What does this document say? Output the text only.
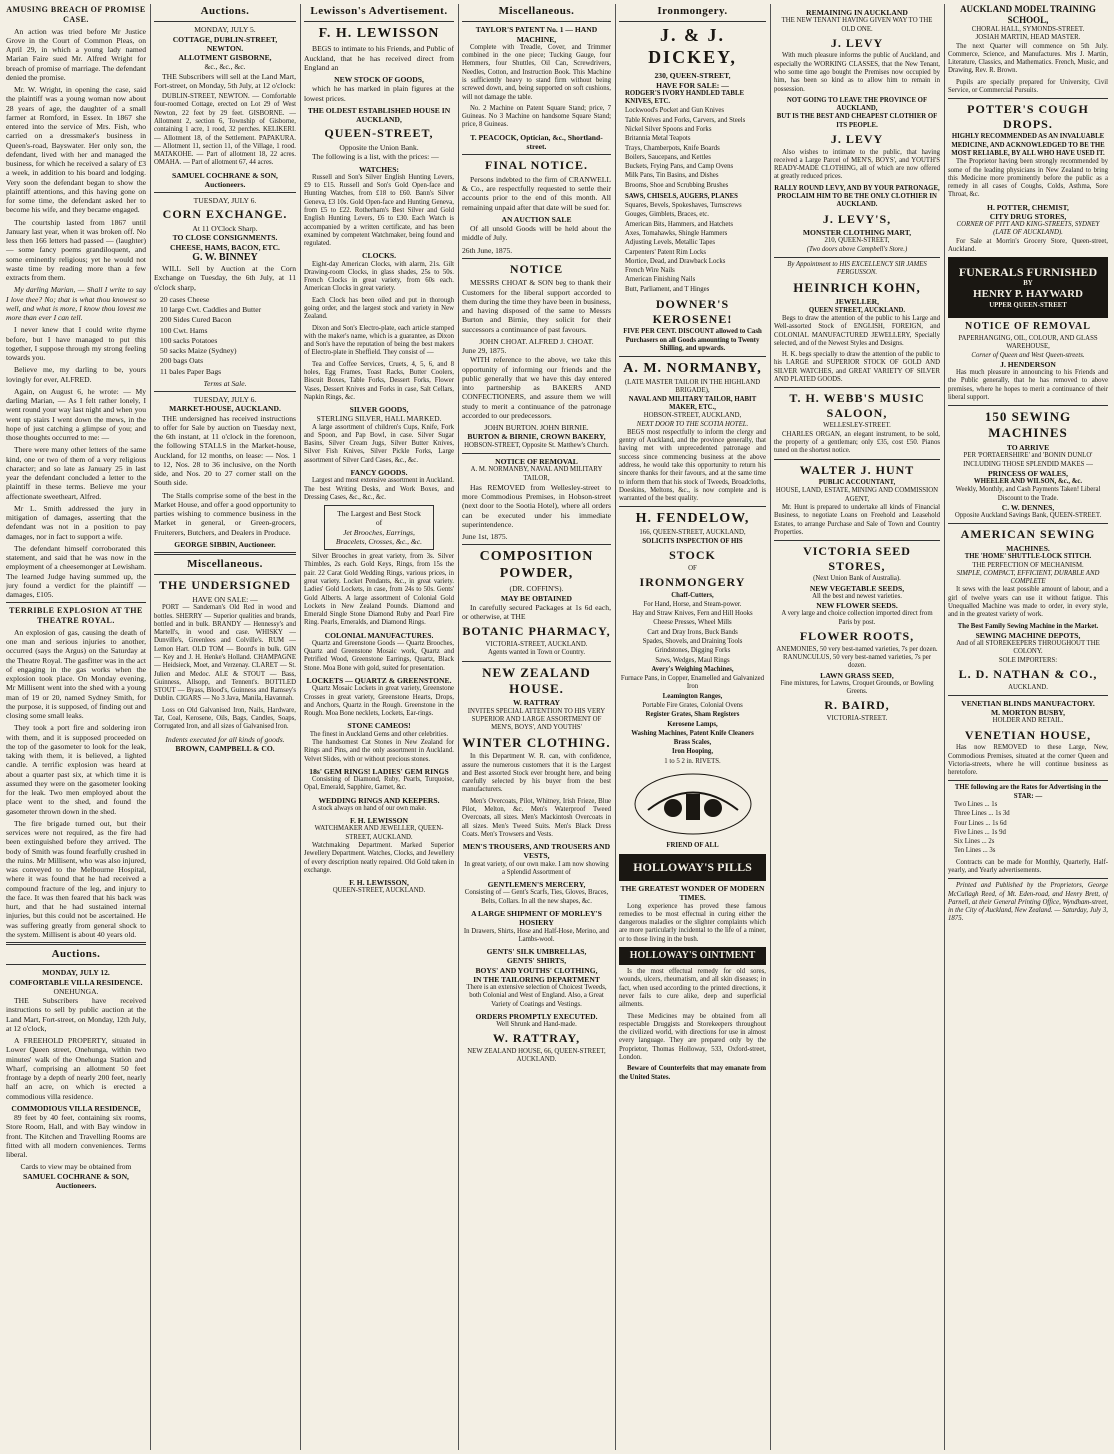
AMUSING BREACH OF PROMISE CASE.

An action was tried before Mr Justice Grove in the Court of Common Pleas, on April 29, in which a young lady named Marian Faire sued Mr. Alfred Wright for breach of promise of marriage. The defendant denied the promise.

Mr. W. Wright, in opening the case, said the plaintiff was a young woman now about 28 years of age, the daughter of a small farmer at Romford, in Essex. In 1867 she entered into the service of Mrs. Fish, who carried on a dressmaker's business in Queen's-road, Bayswater. Her only son, the defendant, lived with her and managed the business, for which he received a salary of £3 a week, in addition to his board and lodging. Very soon the defendant began to show the plaintiff attentions, and this having gone on for some time, the defendant asked her to become his wife, and they became engaged.

The courtship lasted from 1867 until January last year, when it was broken off. No less then 166 letters had passed — (laughter) — some fancy poems grandiloquent, and some eminently religious; yet he would not waste time by reading more than a few extracts from them.

My darling Marian, — Shall I write to say I love thee? No; that is what thou knowest so well, and what is more, I know thou lovest me more than ever I can tell.

I never knew that I could write rhyme before, but I have managed to put this together, I suppose through my strong feeling towards you.

Believe me, my darling to be, yours lovingly for ever, ALFRED.

Again, on August 6, he wrote: — My darling Marian, — As I felt rather lonely, I went round your way last night and when you went up stairs I went down the mews, in the hope of just catching a glimpse of you; and those thoughts occurred to me: —

There were many other letters of the same kind, one or two of them of a very religious character; and so late as January 25 in last year the defendant concluded a letter to the plaintiff in these terms. Believe me your affectionate sweetheart, Alfred.

Mr L. Smith addressed the jury in mitigation of damages, asserting that the defendant was not in a position to pay damages, nor in fact to support a wife.

The defendant himself corroborated this statement, and said that he was now in the employment of a cheesemonger at Lewisham. The learned Judge having summed up, the jury found a verdict for the plaintiff — damages, £105.

TERRIBLE EXPLOSION AT THE THEATRE ROYAL.

An explosion of gas, causing the death of one man and serious injuries to another, occurred (says the Argus) on the Saturday at the Theatre Royal. The gasfitter was in the act of engaging in the gas works when the explosion took place. On Monday evening, Mr Millisent went into the shed with a young man of 19 or 20, named Sydney Smith, for the purpose, it is supposed, of finding out and closing some small leaks.

They took a port fire and soldering iron with them, and it is supposed proceeded on the top of the gasometer to look for the leak, taking with them, it is believed, a lighted candle. A terrific explosion was heard at about a quarter past six, at which time it is assumed they were on the gasometer looking for the leak. Two men employed about the place went to the shed, and found the gasometer thrown down in the shed.

The fire brigade turned out, but their services were not required, as the fire had been extinguished before they arrived. The body of Smith was found fearfully crushed in the ruins. Mr Millisent, who was also injured, was conveyed to the Melbourne Hospital, where it was found that he had received a compound fracture of the leg, and injury to the face. It was then feared that his back was hurt, and that he had sustained internal injuries, but this could not be ascertained. He was suffering greatly from general shock to the system. Millisent is about 40 years old.

Auctions.
MONDAY, JULY 12.
COMFORTABLE VILLA RESIDENCE.
ONEHUNGA.

THE Subscribers have received instructions to sell by public auction at the Land Mart, Fort-street, on Monday, 12th July, at 12 o'clock,

A FREEHOLD PROPERTY, situated in Lower Queen street, Onehunga, within two minutes' walk of the Onehunga Station and Wharf, comprising an allotment 50 feet frontage by a depth of nearly 200 feet, nearly half an acre, on which is erected a commodious villa residence.

COMMODIOUS VILLA RESIDENCE,

89 feet by 40 feet, containing six rooms, Store Room, Hall, and with Bay window in front. The Kitchen and Travelling Rooms are fitted with all modern conveniences. Terms liberal.

Cards to view may be obtained from
SAMUEL COCHRANE & SON, Auctioneers.
Auctions.
MONDAY, JULY 5.
COTTAGE, DUBLIN-STREET, NEWTON.
ALLOTMENT GISBORNE,
&c., &c., &c.

THE Subscribers will sell at the Land Mart, Fort-street, on Monday, 5th July, at 12 o'clock:

DUBLIN-STREET, NEWTON. — Comfortable four-roomed Cottage, erected on Lot 29 of West Newton, 22 feet by 29 feet. GISBORNE. — Allotment 2, section 6, Township of Gisborne, containing 1 acre, 1 rood, 32 perches. KELIKERI. — Allotment 18, of the Settlement. PAPAKURA. — Allotment 11, section 11, of the Village, 1 rood. MATAKOHE. — Part of allotment 18, 22 acres. OMAHA. — Part of allotment 67, 44 acres.

SAMUEL COCHRANE & SON, Auctioneers.
TUESDAY, JULY 6.
CORN EXCHANGE.
At 11 O'Clock Sharp.
TO CLOSE CONSIGNMENTS.
CHEESE, HAMS, BACON, ETC.
G. W. BINNEY

WILL Sell by Auction at the Corn Exchange on Tuesday, the 6th July, at 11 o'clock sharp,

20 cases Cheese
10 large Cwt. Caddies and Butter
200 Sides Cured Bacon
100 Cwt. Hams
100 sacks Potatoes
50 sacks Maize (Sydney)
200 bags Oats
11 bales Paper Bags
Terms at Sale.
TUESDAY, JULY 6.
MARKET-HOUSE, AUCKLAND.

THE undersigned has received instructions to offer for Sale by auction on Tuesday next, the 6th instant, at 11 o'clock in the forenoon, the following STALLS in the Market-house, Auckland, for 12 months, on lease: — Nos. 1 to 12, Nos. 28 to 36 inclusive, on the North side, and Nos. 20 to 27 corner stall on the South side.

The Stalls comprise some of the best in the Market House, and offer a good opportunity to parties wishing to commence business in the Market in general, or Green-grocers, Fruiterers, Butchers, and Dealers in Produce.

GEORGE SIBBIN, Auctioneer.
Miscellaneous.
THE UNDERSIGNED
HAVE ON SALE: —

PORT — Sandeman's Old Red in wood and bottles. SHERRY — Superior qualities and brands, bottled and in bulk. BRANDY — Hennessy's and Martell's, in wood and case. WHISKY — Dunville's, Greenlees and Colville's. RUM — Lemon Hart. OLD TOM — Boord's in bulk. GIN — Key and J. H. Henke's Holland. CHAMPAGNE — Heidsieck, Moet, and Verzenay. CLARET — St. Julien and Medoc. ALE & STOUT — Bass, Guinness, Allsopp, and Tennent's. BOTTLED STOUT — Byass, Blood's, Guinness and Ramsey's Dublin. CIGARS — No 3 Java, Manila, Havannah.

Loss on Old Galvanised Iron, Nails, Hardware, Tar, Coal, Kerosene, Oils, Bags, Candles, Soaps, Corrugated Iron, and all sizes of Galvanised Iron.

Indents executed for all kinds of goods.
BROWN, CAMPBELL & CO.
Lewisson's Advertisement.
F. H. LEWISSON

BEGS to intimate to his Friends, and Public of Auckland, that he has received direct from England an

NEW STOCK OF GOODS,

which he has marked in plain figures at the lowest prices.

THE OLDEST ESTABLISHED HOUSE IN AUCKLAND,
QUEEN-STREET,
Opposite the Union Bank.

The following is a list, with the prices: —

WATCHES:

Russell and Son's Silver English Hunting Levers, £9 to £15. Russell and Son's Gold Open-face and Hunting Watches, from £18 to £60. Bann's Silver Geneva, £3 10s. Gold Open-face and Hunting Geneva, from £5 to £22. Rotherham's Best Silver and Gold English Hunting Levers, £6 to £30. Each Watch is accompanied by a written certificate, and has been examined by competent Watchmaker, being found and regulated.

CLOCKS.

Eight-day American Clocks, with alarm, 21s. Gilt Drawing-room Clocks, in glass shades, 25s to 50s. French Clocks in great variety, from 60s each. American Clocks in great variety.

Each Clock has been oiled and put in thorough going order, and the largest stock and variety in New Zealand.

Dixon and Son's Electro-plate, each article stamped with the maker's name, which is a guarantee, as Dixon and Son's have the reputation of being the best makers of Electro-plate in Sheffield. They consist of —

Tea and Coffee Services, Cruets, 4, 5, 6, and 8 holes, Egg Frames, Toast Racks, Butter Coolers, Biscuit Boxes, Table Forks, Dessert Forks, Flower Vases, Dessert Knives and Forks in case, Salt Cellars, Napkin Rings, &c.

SILVER GOODS,
STERLING SILVER, HALL MARKED.

A large assortment of children's Cups, Knife, Fork and Spoon, and Pap Bowl, in case. Silver Sugar Basins, Silver Cream Jugs, Silver Butter Knives, Silver Fish Knives, Silver Pickle Forks, Large assortment of Silver Card Cases, &c., &c.

FANCY GOODS.

Largest and most extensive assortment in Auckland. The best Writing Desks, and Work Boxes, and Dressing Cases, &c., &c., &c.

The Largest and Best Stock
of
Jet Brooches, Earrings, Bracelets, Crosses, &c., &c.

Silver Brooches in great variety, from 3s. Silver Thimbles, 2s each. Gold Keys, Rings, from 15s the pair. 22 Carat Gold Wedding Rings, various prices, in great variety. Locket Pendants, &c., in great variety. Ladies' Gold Lockets, in case, from 24s to 50s. Gents' Gold Alberts. A large assortment of Colonial Gold Lockets in New Zealand Pounds. Diamond and Emerald Single Stone Diamond Ruby and Pearl Fire Ring. Pearls, Emeralds, and Diamond Rings.

COLONIAL MANUFACTURES.

Quartz and Greenstone Goods — Quartz Brooches, Quartz and Greenstone Mosaic work, Quartz and Petrified Wood, Greenstone Earrings, Quartz, Black Stone. Moa Bone with gold, suited for presentation.

LOCKETS — QUARTZ & GREENSTONE.

Quartz Mosaic Lockets in great variety, Greenstone Crosses in great variety, Greenstone Hearts, Drops, and Anchors, Quartz in the Rough. Greenstone in the Rough. Moa Bone necklets, Lockets, Ear-rings.

STONE CAMEOS!
The finest in Auckland Gems and other celebrities.

The handsomest Cat Stones in New Zealand for Rings and Pins, and the only assortment in Auckland. Velvet Slides, with or without precious stones.

18s' GEM RINGS! LADIES' GEM RINGS

Consisting of Diamond, Ruby, Pearls, Turquoise, Opal, Emerald, Sapphire, Garnet, &c.

WEDDING RINGS AND KEEPERS.

A stock always on hand of our own make.

F. H. LEWISSON
WATCHMAKER AND JEWELLER, QUEEN-STREET, AUCKLAND.

Watchmaking Department. Marked Superior Jewellery Department. Watches, Clocks, and Jewellery of every description neatly repaired. Old Gold taken in exchange.

F. H. LEWISSON,
QUEEN-STREET, AUCKLAND.
Miscellaneous.
TAYLOR'S PATENT No. 1 — HAND MACHINE,

Complete with Treadle, Cover, and Trimmer combined in the one piece; Tucking Gauge, four Hemmers, four Shuttles, Oil Can, Screwdrivers, Needles, Cotton, and Instruction Book. This Machine is sufficiently heavy to stand firm without being screwed down, and, being supported on soft cushions, will not damage the table.

No. 2 Machine on Patent Square Stand; price, 7 Guineas. No 3 Machine on handsome Square Stand; price, 8 Guineas.

T. PEACOCK, Optician, &c., Shortland-street.
FINAL NOTICE.

Persons indebted to the firm of CRANWELL & Co., are respectfully requested to settle their accounts prior to the end of this month. All remaining unpaid after that date will be sued for.

AN AUCTION SALE

Of all unsold Goods will be held about the middle of July.

26th June, 1875.
NOTICE

MESSRS CHOAT & SON beg to thank their Customers for the liberal support accorded to them during the time they have been in business, and having disposed of the same to Messrs Burton and Birnie, they solicit for their successors a continuance of past favours.

JOHN CHOAT. ALFRED J. CHOAT.
June 29, 1875.

WITH reference to the above, we take this opportunity of informing our friends and the public generally that we have this day entered into partnership as BAKERS AND CONFECTIONERS, and assure them we will study to merit a continuance of the patronage accorded to our predecessors.

JOHN BURTON. JOHN BIRNIE.
BURTON & BIRNIE, CROWN BAKERY,
HOBSON-STREET, Opposite St. Matthew's Church.
NOTICE OF REMOVAL
A. M. NORMANBY, NAVAL AND MILITARY TAILOR,

Has REMOVED from Wellesley-street to more Commodious Premises, in Hobson-street (next door to the Sootia Hotel), where all orders can be executed under his immediate superintendence.

June 1st, 1875.
COMPOSITION POWDER,
(DR. COFFIN'S).
MAY BE OBTAINED

In carefully secured Packages at 1s 6d each, or otherwise, at THE

BOTANIC PHARMACY,
VICTORIA-STREET, AUCKLAND.
Agents wanted in Town or Country.
NEW ZEALAND HOUSE.
W. RATTRAY

INVITES SPECIAL ATTENTION TO HIS VERY SUPERIOR AND LARGE ASSORTMENT OF MEN'S, BOYS', AND YOUTHS'

WINTER CLOTHING.

In this Department W. R. can, with confidence, assure the numerous customers that it is the Largest and Best assorted Stock ever brought here, and being carefully selected by his buyer from the best manufacturers.

Men's Overcoats, Pilot, Whitney, Irish Frieze, Blue Pilot, Melton, &c. Men's Waterproof Tweed Overcoats, all sizes. Men's Mackintosh Overcoats in all sizes. Men's Tweed Suits. Men's Black Dress Coats. Men's Trowsers and Vests.

MEN'S TROUSERS, AND TROUSERS AND VESTS,

In great variety, of our own make. I am now showing a Splendid Assortment of

GENTLEMEN'S MERCERY,

Consisting of — Gent's Scarfs, Ties, Gloves, Braces, Belts, Collars. In all the new shapes, &c.

A LARGE SHIPMENT OF MORLEY'S HOSIERY

In Drawers, Shirts, Hose and Half-Hose, Merino, and Lambs-wool.

GENTS' SILK UMBRELLAS,
GENTS' SHIRTS,
BOYS' AND YOUTHS' CLOTHING,
IN THE TAILORING DEPARTMENT

There is an extensive selection of Choicest Tweeds, both Colonial and West of England. Also, a Great Variety of Coatings and Vestings.

ORDERS PROMPTLY EXECUTED.
Well Shrunk and Hand-made.
W. RATTRAY,
NEW ZEALAND HOUSE, 66, QUEEN-STREET, AUCKLAND.
Ironmongery.
J. & J. DICKEY,
230, QUEEN-STREET,
HAVE FOR SALE: —
RODGER'S IVORY HANDLED TABLE KNIVES, ETC.
Lockwood's Pocket and Gun Knives
Table Knives and Forks, Carvers, and Steels
Nickel Silver Spoons and Forks
Britannia Metal Teapots
Trays, Chamberpots, Knife Boards
Boilers, Saucepans, and Kettles
Buckets, Frying Pans, and Camp Ovens
Milk Pans, Tin Basins, and Dishes
Brooms, Shoe and Scrubbing Brushes
SAWS, CHISELS, AUGERS, PLANES
Squares, Bevels, Spokeshaves, Turnscrews
Gouges, Gimblets, Braces, etc.
American Bits, Hammers, and Hatchets
Axes, Tomahawks, Shingle Hammers
Adjusting Levels, Metallic Tapes
Carpenters' Patent Rim Locks
Mortice, Dead, and Drawback Locks
French Wire Nails
American Finishing Nails
Butt, Parliament, and T Hinges
DOWNER'S KEROSENE!
FIVE PER CENT. DISCOUNT allowed to Cash Purchasers on all Goods amounting to Twenty Shilling, and upwards.
A. M. NORMANBY,
(LATE MASTER TAILOR IN THE HIGHLAND BRIGADE),
NAVAL AND MILITARY TAILOR, HABIT MAKER, ETC.,
HOBSON-STREET, AUCKLAND,
NEXT DOOR TO THE SCOTIA HOTEL.

BEGS most respectfully to inform the clergy and gentry of Auckland, and the province generally, that having met with unprecedented patronage and success since commencing business at the above address, he would take this opportunity to return his sincere thanks for their favours, and at the same time to inform them that his stock of Tweeds, Broadcloths, Doeskins, Meltons, &c., is now complete and is warranted of the best quality.

H. FENDELOW,
166, QUEEN-STREET, AUCKLAND,
SOLICITS INSPECTION OF HIS
STOCK
OF
IRONMONGERY
Chaff-Cutters,
For Hand, Horse, and Steam-power.
Hay and Straw Knives, Fern and Hill Hooks
Cheese Presses, Wheel Mills
Cart and Dray Irons, Buck Bands
Spades, Shovels, and Draining Tools
Grindstones, Digging Forks
Saws, Wedges, Maul Rings
Avery's Weighing Machines,
Furnace Pans, in Copper, Enamelled and Galvanized Iron
Leamington Ranges,
Portable Fire Grates, Colonial Ovens
Register Grates, Sham Registers
Kerosene Lamps,
Washing Machines, Patent Knife Cleaners
Brass Scales,
Iron Hooping,
1 to 5 2 in. RIVETS.
FRIEND OF ALL
HOLLOWAY'S PILLS
THE GREATEST WONDER OF MODERN TIMES.

Long experience has proved these famous remedies to be most effectual in curing either the dangerous maladies or the slighter complaints which are more particularly incidental to the life of a miner, or to those living in the bush.

HOLLOWAY'S OINTMENT

Is the most effectual remedy for old sores, wounds, ulcers, rheumatism, and all skin diseases; in fact, when used according to the printed directions, it never fails to cure alike, deep and superficial ailments.

These Medicines may be obtained from all respectable Druggists and Storekeepers throughout the civilized world, with directions for use in almost every language. They are prepared only by the Proprietor, Thomas Holloway, 533, Oxford-street, London.

Beware of Counterfeits that may emanate from the United States.

REMAINING IN AUCKLAND
THE NEW TENANT HAVING GIVEN WAY TO THE OLD ONE.
J. LEVY

With much pleasure informs the public of Auckland, and especially the WORKING CLASSES, that the New Tenant, who some time ago bought the Premises now occupied by him, has been so kind as to allow him to remain in possession.

NOT GOING TO LEAVE THE PROVINCE OF AUCKLAND,
BUT IS THE BEST AND CHEAPEST CLOTHIER OF ITS PEOPLE.
J. LEVY

Also wishes to intimate to the public, that having received a Large Parcel of MEN'S, BOYS', and YOUTH'S READY-MADE CLOTHING, all of which are now offered at greatly reduced prices.

RALLY ROUND LEVY, AND BY YOUR PATRONAGE, PROCLAIM HIM TO BE THE ONLY CLOTHIER IN AUCKLAND.
J. LEVY'S,
MONSTER CLOTHING MART,
210, QUEEN-STREET,
(Two doors above Campbell's Store.)
By Appointment to HIS EXCELLENCY SIR JAMES FERGUSSON.
HEINRICH KOHN,
JEWELLER,
QUEEN STREET, AUCKLAND.

Begs to draw the attention of the public to his Large and Well-assorted Stock of ENGLISH, FOREIGN, and COLONIAL MANUFACTURED JEWELLERY, Specially selected, and of the Newest Styles and Designs.

H. K. begs specially to draw the attention of the public to his LARGE and SUPERIOR STOCK OF GOLD AND SILVER WATCHES, and GREAT VARIETY OF SILVER AND PLATED GOODS.

T. H. WEBB'S MUSIC SALOON,
WELLESLEY-STREET.

CHARLES ORGAN, an elegant instrument, to be sold, the property of a gentleman; only £35, cost £50. Pianos tuned on the shortest notice.

WALTER J. HUNT
PUBLIC ACCOUNTANT,
HOUSE, LAND, ESTATE, MINING AND COMMISSION AGENT,

Mr. Hunt is prepared to undertake all kinds of Financial Business, to negotiate Loans on Freehold and Leasehold Estates, to arrange Purchase and Sale of Town and Country Properties.

VICTORIA SEED STORES,
(Next Union Bank of Australia).
NEW VEGETABLE SEEDS,
All the best and newest varieties.
NEW FLOWER SEEDS.
A very large and choice collection imported direct from Paris by post.
FLOWER ROOTS,
ANEMONIES, 50 very best-named varieties, 7s per dozen. RANUNCULUS, 50 very best-named varieties, 7s per dozen.
LAWN GRASS SEED,
Fine mixtures, for Lawns, Croquet Grounds, or Bowling Greens.
R. BAIRD,
VICTORIA-STREET.
AUCKLAND MODEL TRAINING SCHOOL,
CHORAL HALL, SYMONDS-STREET.
JOSIAH MARTIN, HEAD MASTER.

The next Quarter will commence on 5th July. Commerce, Science, and Manufactures. Mrs J. Martin, Literature, Classics, and Mathematics. French, Music, and Drawing, Rev. R. Brown.

Pupils are specially prepared for University, Civil Service, or Commercial Pursuits.

POTTER'S COUGH DROPS.
HIGHLY RECOMMENDED AS AN INVALUABLE MEDICINE, AND ACKNOWLEDGED TO BE THE MOST RELIABLE, BY ALL WHO HAVE USED IT.

The Proprietor having been strongly recommended by some of the leading physicians in New Zealand to bring this Medicine more prominently before the public as a remedy in all cases of Coughs, Colds, Asthma, Sore Throat, &c.

H. POTTER, CHEMIST,
CITY DRUG STORES,
CORNER OF PITT AND KING-STREETS, SYDNEY (LATE OF AUCKLAND).

For Sale at Morrin's Grocery Store, Queen-street, Auckland.

FUNERALS FURNISHED
BY
HENRY P. HAYWARD
UPPER QUEEN-STREET
NOTICE OF REMOVAL
PAPERHANGING, OIL, COLOUR, AND GLASS WAREHOUSE,
Corner of Queen and West Queen-streets.
J. HENDERSON

Has much pleasure in announcing to his Friends and the Public generally, that he has removed to above premises, where he hopes to merit a continuance of their liberal support.

150 SEWING MACHINES
TO ARRIVE
PER 'PORTAERSHIRE' and 'BONIN DUNLO'
INCLUDING THOSE SPLENDID MAKES —
PRINCESS OF WALES,
WHEELER AND WILSON, &c., &c.
Weekly, Monthly, and Cash Payments Taken! Liberal Discount to the Trade.
C. W. DENNES,
Opposite Auckland Savings Bank, QUEEN-STREET.
AMERICAN SEWING
MACHINES.
THE 'HOME' SHUTTLE-LOCK STITCH.
THE PERFECTION OF MECHANISM.
SIMPLE, COMPACT, EFFICIENT, DURABLE AND COMPLETE

It sews with the least possible amount of labour, and a girl of twelve years can use it without fatigue. This Unequalled Machine was made to order, in every style, and in the greatest variety of work.

The Best Family Sewing Machine in the Market.
SEWING MACHINE DEPOTS,
And of all STOREKEEPERS THROUGHOUT THE COLONY.
SOLE IMPORTERS:
L. D. NATHAN & CO.,
AUCKLAND.
VENETIAN BLINDS MANUFACTORY.
M. MORTON BUSBY,
HOLDER AND RETAIL.
VENETIAN HOUSE,

Has now REMOVED to these Large, New, Commodious Premises, situated at the corner Queen and Victoria-streets, where he will continue business as heretofore.

THE following are the Rates for Advertising in the STAR: —
Two Lines ... 1s
Three Lines ... 1s 3d
Four Lines ... 1s 6d
Five Lines ... 1s 9d
Six Lines ... 2s
Ten Lines ... 3s

Contracts can be made for Monthly, Quarterly, Half-yearly, and Yearly advertisements.

Printed and Published by the Proprietors, George McCullagh Reed, of Mt. Eden-road, and Henry Brett, of Parnell, at their General Printing Office, Wyndham-street, in the City of Auckland, New Zealand. — Saturday, July 3, 1875.
